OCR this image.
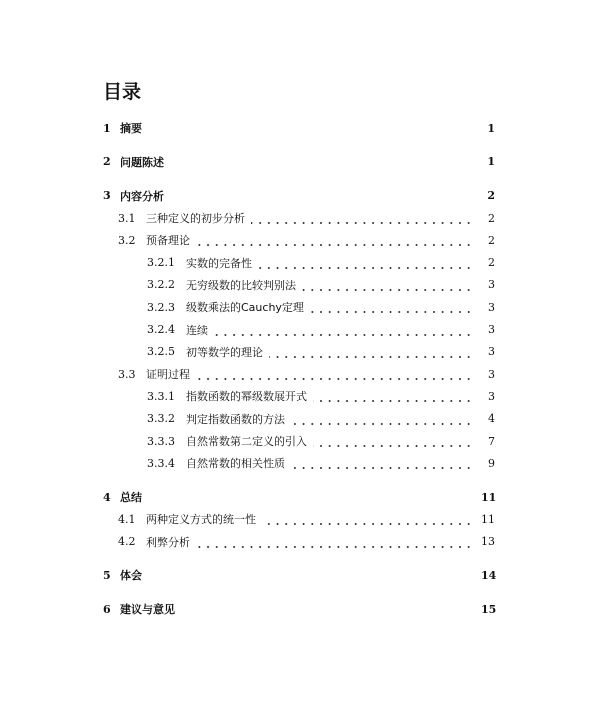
目录
1 摘要	1
2 问题陈述	1
3 内容分析	2
3.1 三种定义的初步分析	2
3.2 预备理论	2
3.2.1	实数的完备性	2
3.2.2	无穷级数的比较判别法	3
3.2.3	级数乘法的Cauchy定理	3
3.2.4	连续	3
3.2.5	初等数学的理论	3
3.3 证明过程	3
3.3.1	指数函数的幂级数展开式	3
3.3.2	判定指数函数的方法	4
3.3.3	自然常数第二定义的引入	7
3.3.4	自然常数的相关性质	9
4 总结	11
4.1 两种定义方式的统一性	11
4.2 利弊分析	13
5 体会	14
6 建议与意见	15
